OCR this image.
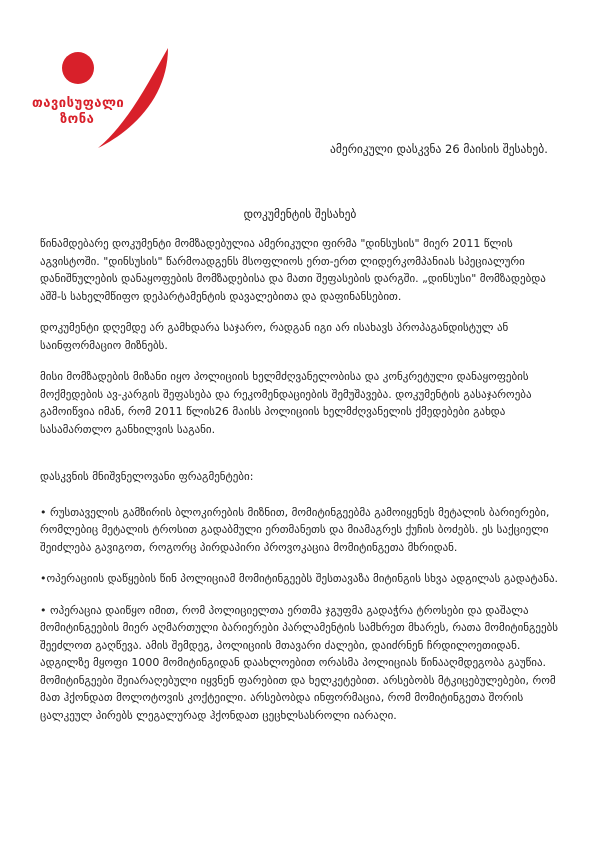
თავისუფალი
ზონა
ამერიკული დასკვნა 26 მაისის შესახებ.
დოკუმენტის შესახებ

წინამდებარე დოკუმენტი მომზადებულია ამერიკული ფირმა "დინსუსის" მიერ 2011 წლის აგვისტოში. "დინსუსის" წარმოადგენს მსოფლიოს ერთ-ერთ ლიდერკომპანიას სპეციალური დანიშნულების დანაყოფების მომზადებისა და მათი შეფასების დარგში. „დინსუსი" მომზადებდა აშშ-ს სახელმწიფო დეპარტამენტის დავალებითა და დაფინანსებით.

დოკუმენტი დღემდე არ გამხდარა საჯარო, რადგან იგი არ ისახავს პროპაგანდისტულ ან საინფორმაციო მიზნებს.

მისი მომზადების მიზანი იყო პოლიციის ხელმძღვანელობისა და კონკრეტული დანაყოფების მოქმედების ავ-კარგის შეფასება და რეკომენდაციების შემუშავება. დოკუმენტის გასაჯაროება გამოიწვია იმან, რომ 2011 წლის26 მაისს პოლიციის ხელმძღვანელის ქმედებები გახდა სასამართლო განხილვის საგანი.

დასკვნის მნიშვნელოვანი ფრაგმენტები:

• რუსთაველის გამზირის ბლოკირების მიზნით, მომიტინგეებმა გამოიყენეს მეტალის ბარიერები, რომლებიც მეტალის ტროსით გადაბმული ერთმანეთს და მიამაგრეს ქუჩის ბოძებს. ეს საქციელი შეიძლება გავიგოთ, როგორც პირდაპირი პროვოკაცია მომიტინგეთა მხრიდან.

•ოპერაციის დაწყების წინ პოლიციამ მომიტინგეებს შესთავაზა მიტინგის სხვა ადგილას გადატანა.

• ოპერაცია დაიწყო იმით, რომ პოლიციელთა ერთმა ჯგუფმა გადაჭრა ტროსები და დაშალა მომიტინგეების მიერ აღმართული ბარიერები პარლამენტის სამხრეთ მხარეს, რათა მომიტინგეებს შეეძლოთ გაღწევა. ამის შემდეგ, პოლიციის მთავარი ძალები, დაიძრნენ ჩრდილოეთიდან. ადგილზე მყოფი 1000 მომიტინგიდან დაახლოებით ორასმა პოლიციას წინააღმდეგობა გაუწია. მომიტინგეები შეიარაღებული იყვნენ ფარებით და ხელკეტებით. არსებობს მტკიცებულებები, რომ მათ ჰქონდათ მოლოტოვის კოქტეილი. არსებობდა ინფორმაცია, რომ მომიტინგეთა შორის ცალკეულ პირებს ლეგალურად ჰქონდათ ცეცხლსასროლი იარაღი.
